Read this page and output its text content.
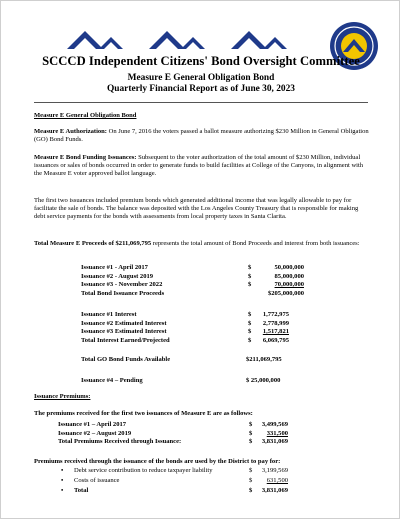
SCCCD Independent Citizens' Bond Oversight Committee
Measure E General Obligation Bond
Quarterly Financial Report as of June 30, 2023
Measure E General Obligation Bond
Measure E Authorization: On June 7, 2016 the voters passed a ballot measure authorizing $230 Million in General Obligation (GO) Bond Funds.
Measure E Bond Funding Issuances: Subsequent to the voter authorization of the total amount of $230 Million, individual issuances or sales of bonds occurred in order to generate funds to build facilities at College of the Canyons, in alignment with the Measure E voter approved ballot language.
The first two issuances included premium bonds which generated additional income that was legally allowable to pay for facilitate the sale of bonds. The balance was deposited with the Los Angeles County Treasury that is responsible for making debt service payments for the bonds with assessments from local property taxes in Santa Clarita.
Total Measure E Proceeds of $211,069,795 represents the total amount of Bond Proceeds and interest from both issuances:
Issuance #1 - April 2017	$	50,000,000
Issuance #2 - August 2019	$	85,000,000
Issuance #3 - November 2022	$	70,000,000
Total Bond Issuance Proceeds	$205,000,000
Issuance #1 Interest	$	1,772,975
Issuance #2 Estimated Interest	$	2,778,999
Issuance #3 Estimated Interest	$	1,517,821
Total Interest Earned/Projected	$	6,069,795
Total GO Bond Funds Available	$211,069,795
Issuance #4 – Pending	$ 25,000,000
Issuance Premiums:
The premiums received for the first two issuances of Measure E are as follows:
Issuance #1 – April 2017	$	3,499,569
Issuance #2 – August 2019	$	331,500
Total Premiums Received through Issuance:	$	3,831,069
Premiums received through the issuance of the bonds are used by the District to pay for:
• Debt service contribution to reduce taxpayer liability	$	3,199,569
• Costs of issuance	$	631,500
• Total	$	3,831,069
